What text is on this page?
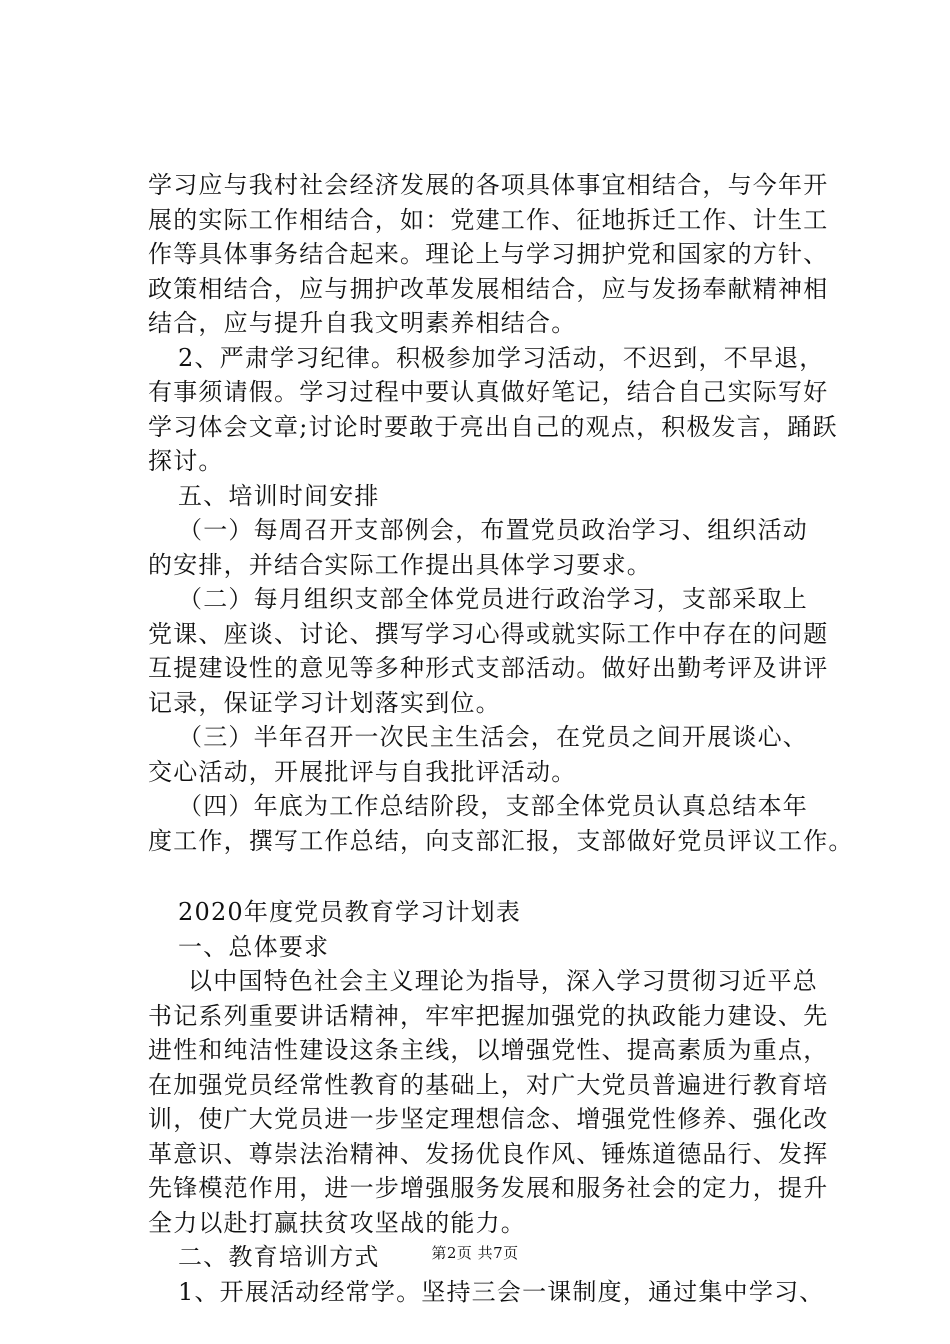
学习应与我村社会经济发展的各项具体事宜相结合，与今年开
展的实际工作相结合，如：党建工作、征地拆迁工作、计生工
作等具体事务结合起来。理论上与学习拥护党和国家的方针、
政策相结合，应与拥护改革发展相结合，应与发扬奉献精神相
结合，应与提升自我文明素养相结合。
2、严肃学习纪律。积极参加学习活动，不迟到，不早退，
有事须请假。学习过程中要认真做好笔记，结合自己实际写好
学习体会文章;讨论时要敢于亮出自己的观点，积极发言，踊跃
探讨。
五、培训时间安排
（一）每周召开支部例会，布置党员政治学习、组织活动
的安排，并结合实际工作提出具体学习要求。
（二）每月组织支部全体党员进行政治学习，支部采取上
党课、座谈、讨论、撰写学习心得或就实际工作中存在的问题
互提建设性的意见等多种形式支部活动。做好出勤考评及讲评
记录，保证学习计划落实到位。
（三）半年召开一次民主生活会，在党员之间开展谈心、
交心活动，开展批评与自我批评活动。
（四）年底为工作总结阶段，支部全体党员认真总结本年
度工作，撰写工作总结，向支部汇报，支部做好党员评议工作。
2020年度党员教育学习计划表
一、总体要求
以中国特色社会主义理论为指导，深入学习贯彻习近平总
书记系列重要讲话精神，牢牢把握加强党的执政能力建设、先
进性和纯洁性建设这条主线，以增强党性、提高素质为重点，
在加强党员经常性教育的基础上，对广大党员普遍进行教育培
训，使广大党员进一步坚定理想信念、增强党性修养、强化改
革意识、尊崇法治精神、发扬优良作风、锤炼道德品行、发挥
先锋模范作用，进一步增强服务发展和服务社会的定力，提升
全力以赴打赢扶贫攻坚战的能力。
二、教育培训方式
1、开展活动经常学。坚持三会一课制度，通过集中学习、
第2页 共7页
